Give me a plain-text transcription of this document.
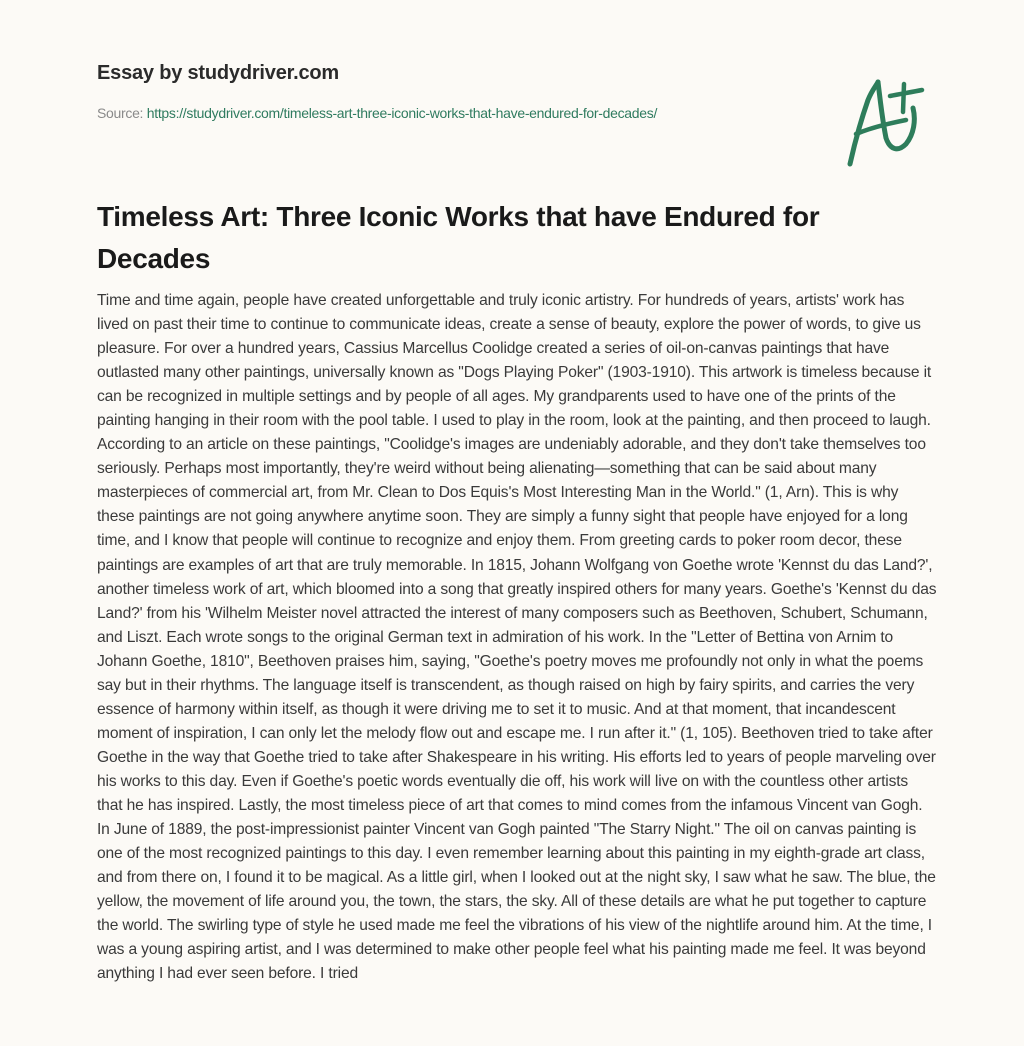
Essay by studydriver.com
Source: https://studydriver.com/timeless-art-three-iconic-works-that-have-endured-for-decades/
Timeless Art: Three Iconic Works that have Endured for Decades

Time and time again, people have created unforgettable and truly iconic artistry. For hundreds of years, artists' work has lived on past their time to continue to communicate ideas, create a sense of beauty, explore the power of words, to give us pleasure. For over a hundred years, Cassius Marcellus Coolidge created a series of oil-on-canvas paintings that have outlasted many other paintings, universally known as "Dogs Playing Poker" (1903-1910). This artwork is timeless because it can be recognized in multiple settings and by people of all ages. My grandparents used to have one of the prints of the painting hanging in their room with the pool table. I used to play in the room, look at the painting, and then proceed to laugh. According to an article on these paintings, "Coolidge's images are undeniably adorable, and they don't take themselves too seriously. Perhaps most importantly, they're weird without being alienating—something that can be said about many masterpieces of commercial art, from Mr. Clean to Dos Equis's Most Interesting Man in the World." (1, Arn). This is why these paintings are not going anywhere anytime soon. They are simply a funny sight that people have enjoyed for a long time, and I know that people will continue to recognize and enjoy them. From greeting cards to poker room decor, these paintings are examples of art that are truly memorable. In 1815, Johann Wolfgang von Goethe wrote 'Kennst du das Land?', another timeless work of art, which bloomed into a song that greatly inspired others for many years. Goethe's 'Kennst du das Land?' from his 'Wilhelm Meister novel attracted the interest of many composers such as Beethoven, Schubert, Schumann, and Liszt. Each wrote songs to the original German text in admiration of his work. In the "Letter of Bettina von Arnim to Johann Goethe, 1810", Beethoven praises him, saying, "Goethe's poetry moves me profoundly not only in what the poems say but in their rhythms. The language itself is transcendent, as though raised on high by fairy spirits, and carries the very essence of harmony within itself, as though it were driving me to set it to music. And at that moment, that incandescent moment of inspiration, I can only let the melody flow out and escape me. I run after it." (1, 105). Beethoven tried to take after Goethe in the way that Goethe tried to take after Shakespeare in his writing. His efforts led to years of people marveling over his works to this day. Even if Goethe's poetic words eventually die off, his work will live on with the countless other artists that he has inspired. Lastly, the most timeless piece of art that comes to mind comes from the infamous Vincent van Gogh. In June of 1889, the post-impressionist painter Vincent van Gogh painted "The Starry Night." The oil on canvas painting is one of the most recognized paintings to this day. I even remember learning about this painting in my eighth-grade art class, and from there on, I found it to be magical. As a little girl, when I looked out at the night sky, I saw what he saw. The blue, the yellow, the movement of life around you, the town, the stars, the sky. All of these details are what he put together to capture the world. The swirling type of style he used made me feel the vibrations of his view of the nightlife around him. At the time, I was a young aspiring artist, and I was determined to make other people feel what his painting made me feel. It was beyond anything I had ever seen before. I tried
